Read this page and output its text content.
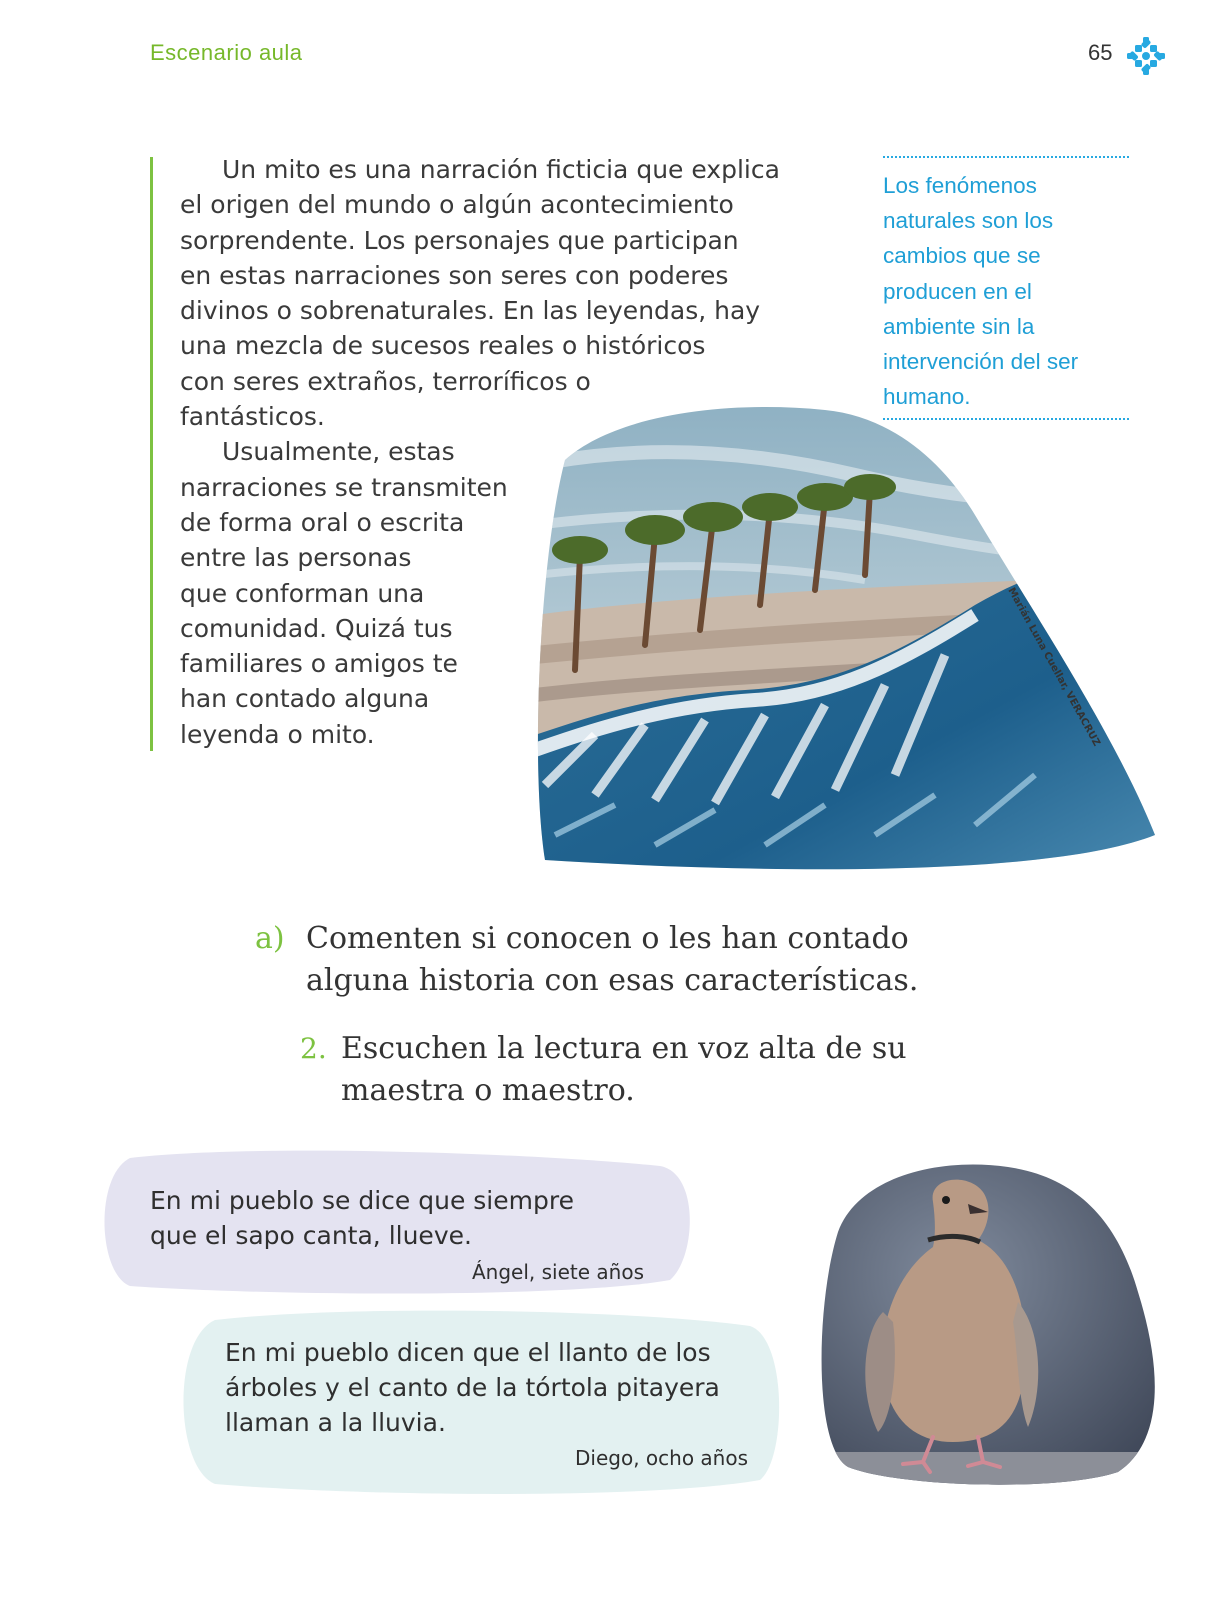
Escenario aula	65

Un mito es una narración ficticia que explica
el origen del mundo o algún acontecimiento
sorprendente. Los personajes que participan
en estas narraciones son seres con poderes
divinos o sobrenaturales. En las leyendas, hay
una mezcla de sucesos reales o históricos
con seres extraños, terroríficos o
fantásticos.
Usualmente, estas
narraciones se transmiten
de forma oral o escrita
entre las personas
que conforman una
comunidad. Quizá tus
familiares o amigos te
han contado alguna
leyenda o mito.

Los fenómenos
naturales son los
cambios que se
producen en el
ambiente sin la
intervención del ser
humano.

Marián Luna Cuellar, VERACRUZ
a) Comenten si conocen o les han contado
alguna historia con esas características.
2. Escuchen la lectura en voz alta de su
maestra o maestro.

En mi pueblo se dice que siempre
que el sapo canta, llueve.

Ángel, siete años

En mi pueblo dicen que el llanto de los
árboles y el canto de la tórtola pitayera
llaman a la lluvia.

Diego, ocho años
